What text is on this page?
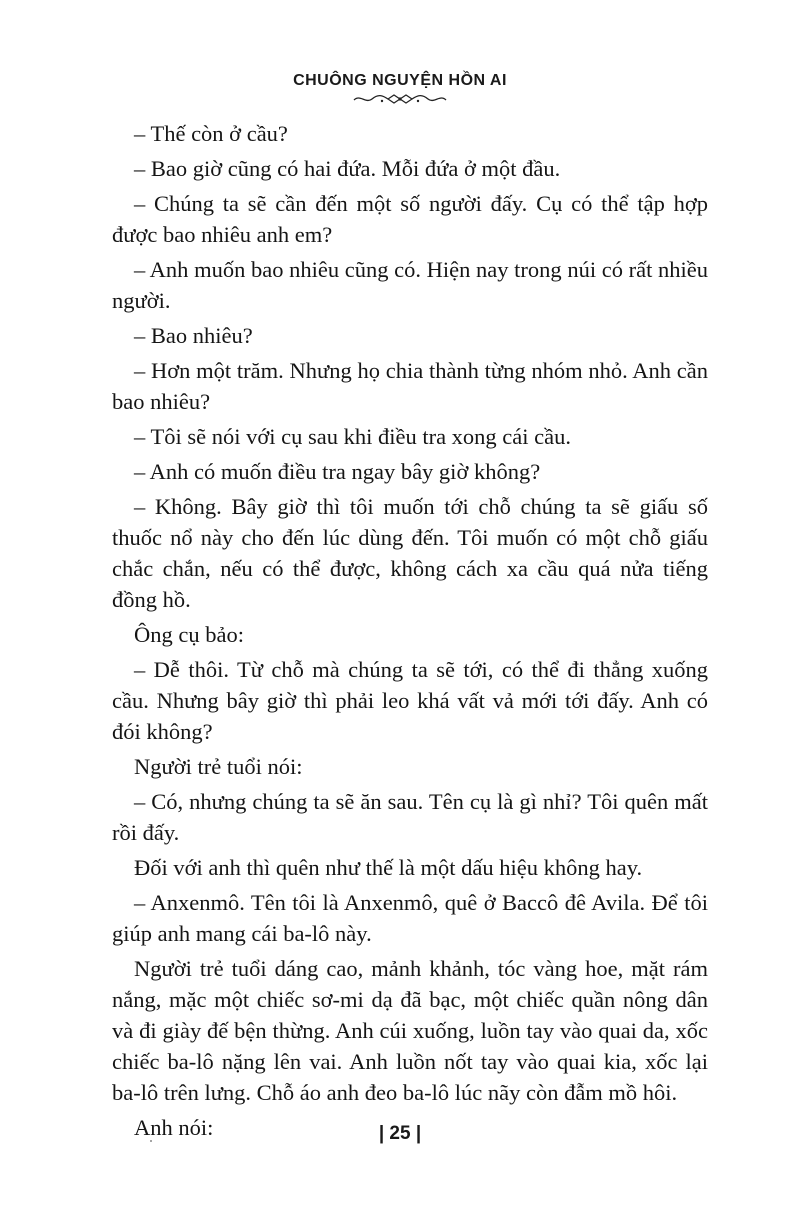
CHUÔNG NGUYỆN HỒN AI

– Thế còn ở cầu?

– Bao giờ cũng có hai đứa. Mỗi đứa ở một đầu.

– Chúng ta sẽ cần đến một số người đấy. Cụ có thể tập hợp được bao nhiêu anh em?

– Anh muốn bao nhiêu cũng có. Hiện nay trong núi có rất nhiều người.

– Bao nhiêu?

– Hơn một trăm. Nhưng họ chia thành từng nhóm nhỏ. Anh cần bao nhiêu?

– Tôi sẽ nói với cụ sau khi điều tra xong cái cầu.

– Anh có muốn điều tra ngay bây giờ không?

– Không. Bây giờ thì tôi muốn tới chỗ chúng ta sẽ giấu số thuốc nổ này cho đến lúc dùng đến. Tôi muốn có một chỗ giấu chắc chắn, nếu có thể được, không cách xa cầu quá nửa tiếng đồng hồ.

Ông cụ bảo:

– Dễ thôi. Từ chỗ mà chúng ta sẽ tới, có thể đi thẳng xuống cầu. Nhưng bây giờ thì phải leo khá vất vả mới tới đấy. Anh có đói không?

Người trẻ tuổi nói:

– Có, nhưng chúng ta sẽ ăn sau. Tên cụ là gì nhỉ? Tôi quên mất rồi đấy.

Đối với anh thì quên như thế là một dấu hiệu không hay.

– Anxenmô. Tên tôi là Anxenmô, quê ở Baccô đê Avila. Để tôi giúp anh mang cái ba-lô này.

Người trẻ tuổi dáng cao, mảnh khảnh, tóc vàng hoe, mặt rám nắng, mặc một chiếc sơ-mi dạ đã bạc, một chiếc quần nông dân và đi giày đế bện thừng. Anh cúi xuống, luồn tay vào quai da, xốc chiếc ba-lô nặng lên vai. Anh luồn nốt tay vào quai kia, xốc lại ba-lô trên lưng. Chỗ áo anh đeo ba-lô lúc nãy còn đẫm mồ hôi.

Anh nói:	| 25 |
